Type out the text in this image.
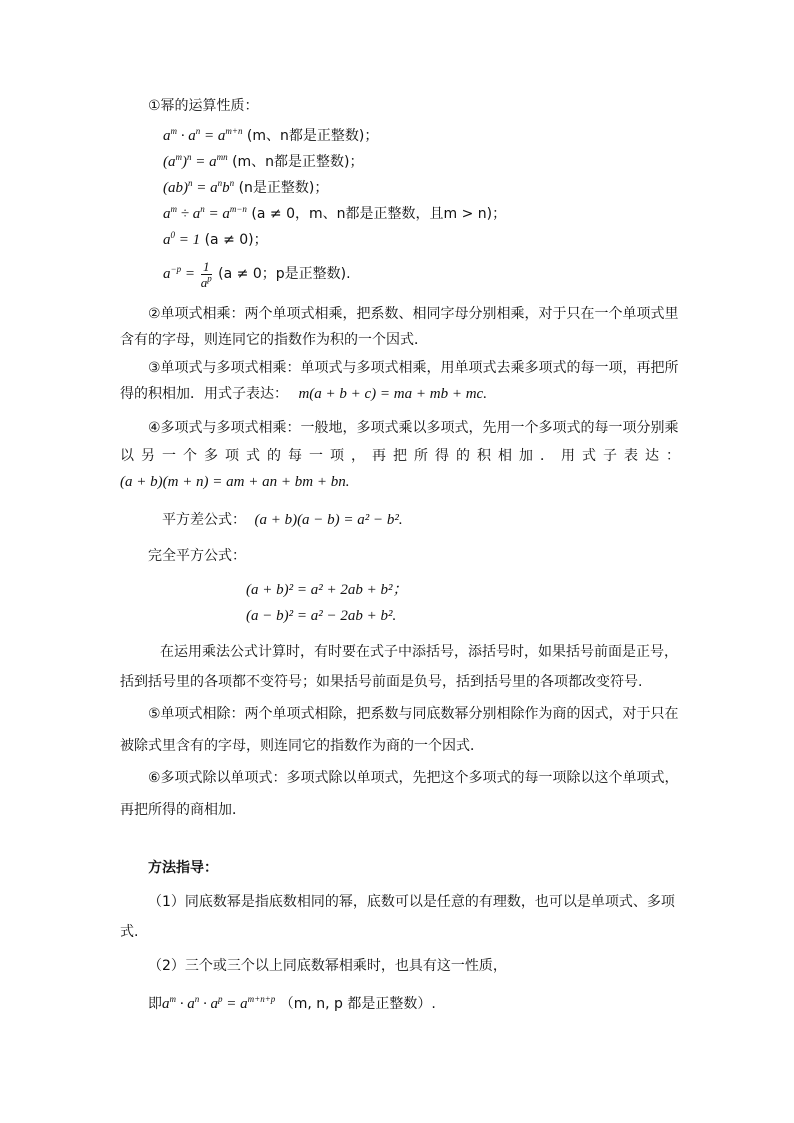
①幂的运算性质：
$a^m \cdot a^n = a^{m+n}$ (m、n都是正整数)；
$(a^m)^n = a^{mn}$ (m、n都是正整数)；
$(ab)^n = a^nb^n$ (n是正整数)；
$a^m \div a^n = a^{m-n}$ (a ≠ 0，m、n都是正整数，且m > n)；
$a^0 = 1$ (a ≠ 0)；
$a^{-p} = \frac{1}{a^p} (a \ne 0$；p是正整数).
②单项式相乘：两个单项式相乘，把系数、相同字母分别相乘，对于只在一个单项式里
含有的字母，则连同它的指数作为积的一个因式．
③单项式与多项式相乘：单项式与多项式相乘，用单项式去乘多项式的每一项，再把所
得的积相加．用式子表达： m(a + b + c) = ma + mb + mc.
④多项式与多项式相乘：一般地，多项式乘以多项式，先用一个多项式的每一项分别乘
以另一个多项式的每一项，再把所得的积相加．用式子表达：
(a + b)(m + n) = am + an + bm + bn.
平方差公式： (a + b)(a − b) = a² − b².
完全平方公式：
(a + b)² = a² + 2ab + b²；
(a − b)² = a² − 2ab + b².
在运用乘法公式计算时，有时要在式子中添括号，添括号时，如果括号前面是正号，
括到括号里的各项都不变符号；如果括号前面是负号，括到括号里的各项都改变符号.
⑤单项式相除：两个单项式相除，把系数与同底数幂分别相除作为商的因式，对于只在
被除式里含有的字母，则连同它的指数作为商的一个因式．
⑥多项式除以单项式：多项式除以单项式，先把这个多项式的每一项除以这个单项式，
再把所得的商相加．
方法指导：
（1）同底数幂是指底数相同的幂，底数可以是任意的有理数，也可以是单项式、多项
式.
（2）三个或三个以上同底数幂相乘时，也具有这一性质，
即$a^m \cdot a^n \cdot a^p = a^{m+n+p}$ （m, n, p 都是正整数）.
